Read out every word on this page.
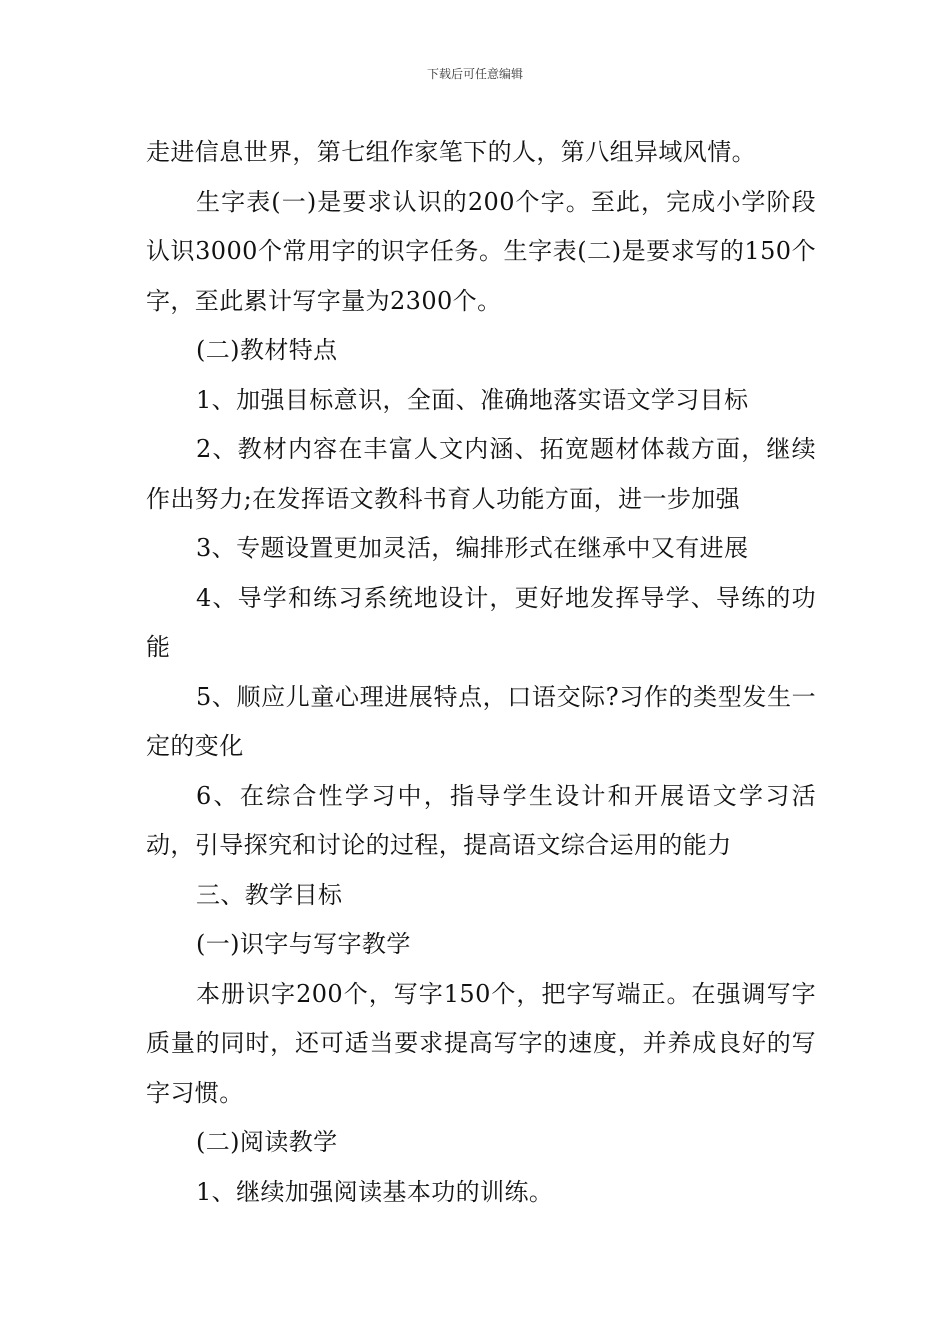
下载后可任意编辑

走进信息世界，第七组作家笔下的人，第八组异域风情。

生字表(一)是要求认识的200个字。至此，完成小学阶段认识3000个常用字的识字任务。生字表(二)是要求写的150个字，至此累计写字量为2300个。

(二)教材特点

1、加强目标意识，全面、准确地落实语文学习目标

2、教材内容在丰富人文内涵、拓宽题材体裁方面，继续作出努力;在发挥语文教科书育人功能方面，进一步加强

3、专题设置更加灵活，编排形式在继承中又有进展

4、导学和练习系统地设计，更好地发挥导学、导练的功能

5、顺应儿童心理进展特点，口语交际?习作的类型发生一定的变化

6、在综合性学习中，指导学生设计和开展语文学习活动，引导探究和讨论的过程，提高语文综合运用的能力

三、教学目标

(一)识字与写字教学

本册识字200个，写字150个，把字写端正。在强调写字质量的同时，还可适当要求提高写字的速度，并养成良好的写字习惯。

(二)阅读教学

1、继续加强阅读基本功的训练。
